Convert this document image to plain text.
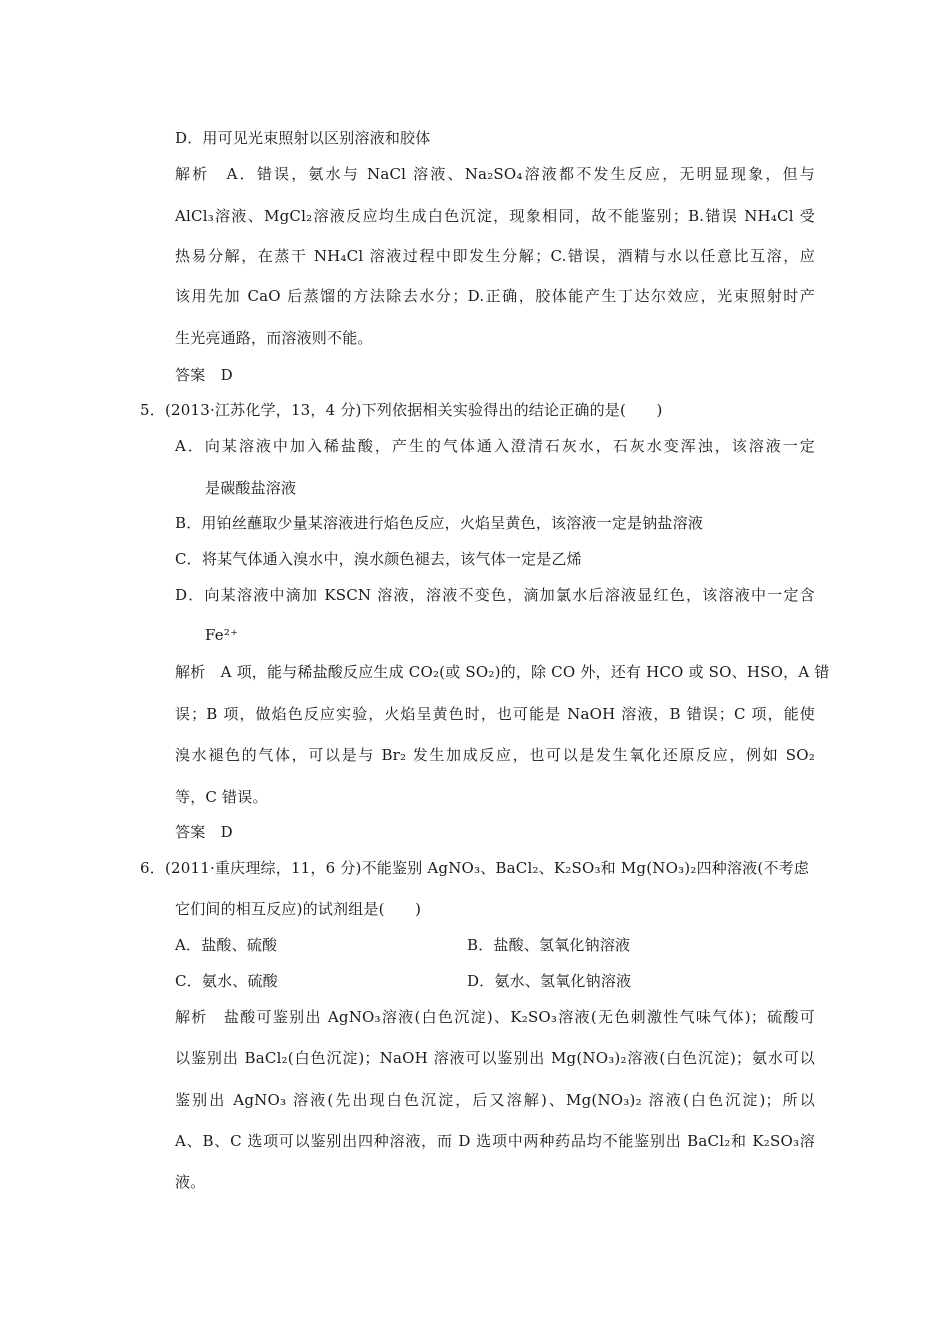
D．用可见光束照射以区别溶液和胶体
解析　A．错误，氨水与 NaCl 溶液、Na₂SO₄溶液都不发生反应，无明显现象，但与
AlCl₃溶液、MgCl₂溶液反应均生成白色沉淀，现象相同，故不能鉴别；B.错误 NH₄Cl 受
热易分解，在蒸干 NH₄Cl 溶液过程中即发生分解；C.错误，酒精与水以任意比互溶，应
该用先加 CaO 后蒸馏的方法除去水分；D.正确，胶体能产生丁达尔效应，光束照射时产
生光亮通路，而溶液则不能。
答案　D
5．(2013·江苏化学，13，4 分)下列依据相关实验得出的结论正确的是(　　)
A．向某溶液中加入稀盐酸，产生的气体通入澄清石灰水，石灰水变浑浊，该溶液一定
是碳酸盐溶液
B．用铂丝蘸取少量某溶液进行焰色反应，火焰呈黄色，该溶液一定是钠盐溶液
C．将某气体通入溴水中，溴水颜色褪去，该气体一定是乙烯
D．向某溶液中滴加 KSCN 溶液，溶液不变色，滴加氯水后溶液显红色，该溶液中一定含
Fe²⁺
解析　A 项，能与稀盐酸反应生成 CO₂(或 SO₂)的，除 CO 外，还有 HCO 或 SO、HSO，A 错
误；B 项，做焰色反应实验，火焰呈黄色时，也可能是 NaOH 溶液，B 错误；C 项，能使
溴水褪色的气体，可以是与 Br₂ 发生加成反应，也可以是发生氧化还原反应，例如 SO₂
等，C 错误。
答案　D
6．(2011·重庆理综，11，6 分)不能鉴别 AgNO₃、BaCl₂、K₂SO₃和 Mg(NO₃)₂四种溶液(不考虑
它们间的相互反应)的试剂组是(　　)
A．盐酸、硫酸	B．盐酸、氢氧化钠溶液
C．氨水、硫酸	D．氨水、氢氧化钠溶液
解析　盐酸可鉴别出 AgNO₃溶液(白色沉淀)、K₂SO₃溶液(无色刺激性气味气体)；硫酸可
以鉴别出 BaCl₂(白色沉淀)；NaOH 溶液可以鉴别出 Mg(NO₃)₂溶液(白色沉淀)；氨水可以
鉴别出 AgNO₃ 溶液(先出现白色沉淀，后又溶解)、Mg(NO₃)₂ 溶液(白色沉淀)；所以
A、B、C 选项可以鉴别出四种溶液，而 D 选项中两种药品均不能鉴别出 BaCl₂和 K₂SO₃溶
液。
